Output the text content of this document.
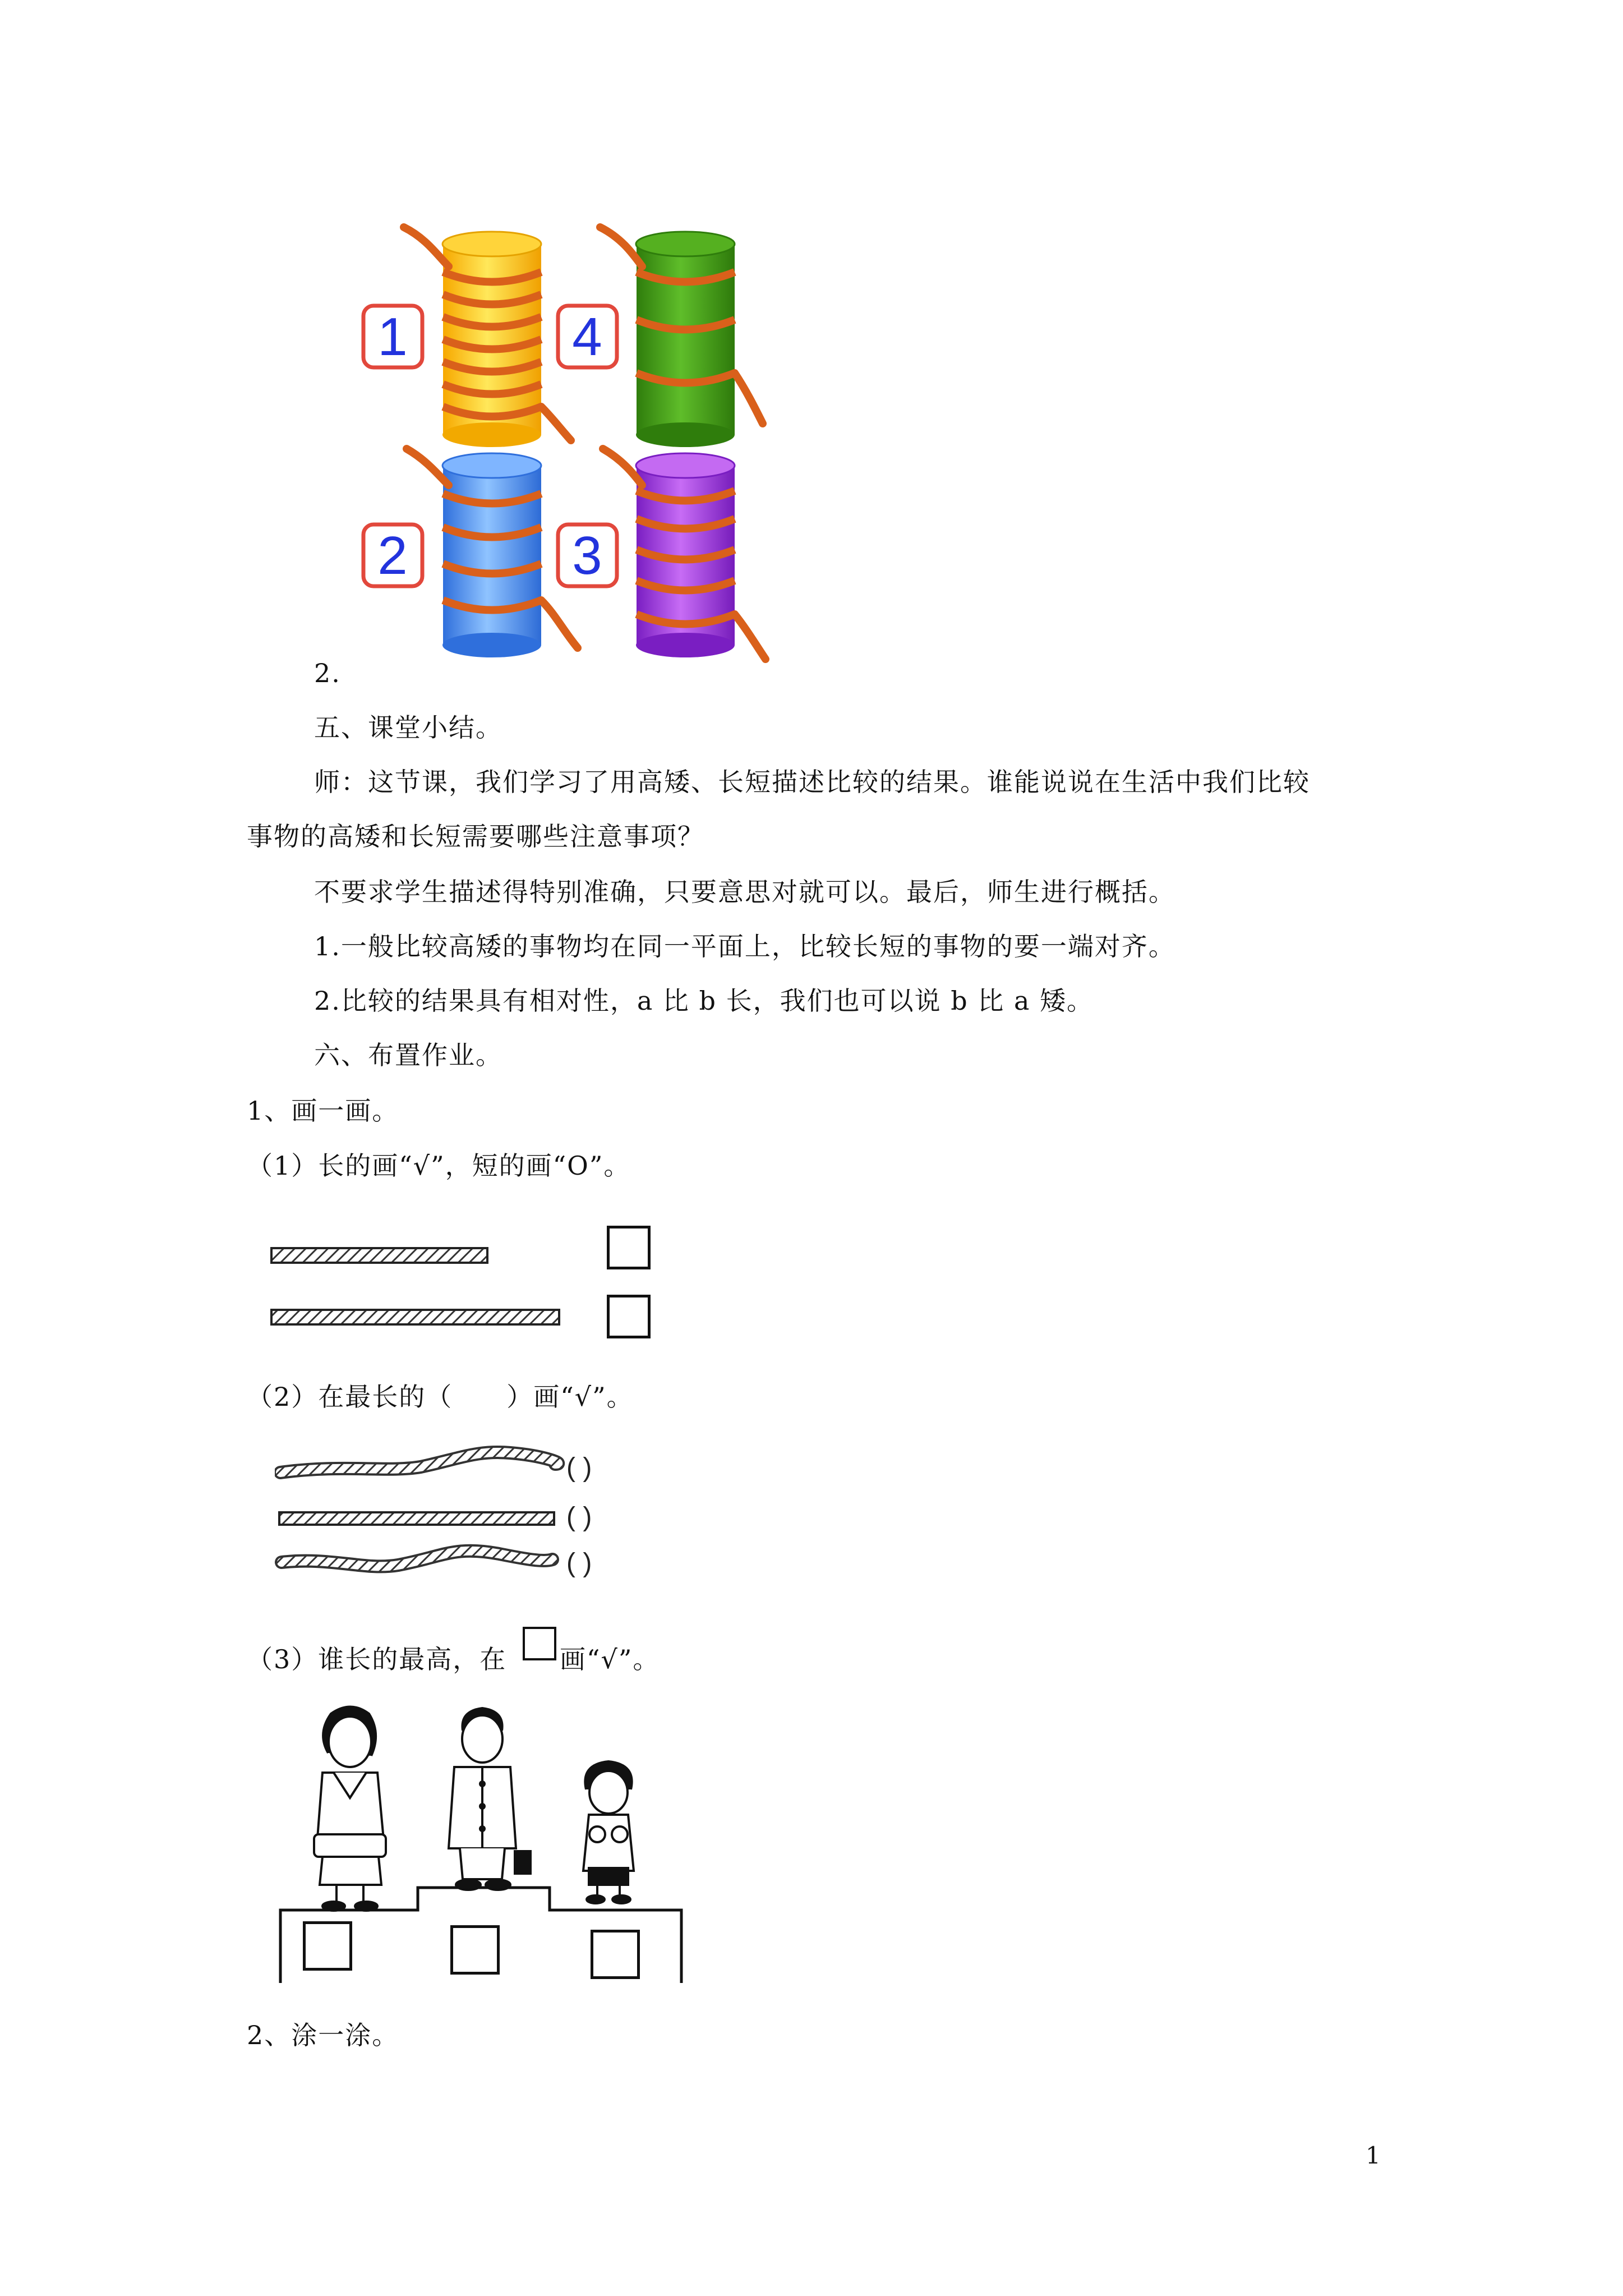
1	4
2	3
2.
五、课堂小结。
师：这节课，我们学习了用高矮、长短描述比较的结果。谁能说说在生活中我们比较
事物的高矮和长短需要哪些注意事项？
不要求学生描述得特别准确，只要意思对就可以。最后，师生进行概括。
1.一般比较高矮的事物均在同一平面上，比较长短的事物的要一端对齐。
2.比较的结果具有相对性，a 比 b 长，我们也可以说 b 比 a 矮。
六、布置作业。
1、画一画。
（1）长的画“√”，短的画“O”。
（2）在最长的（　　）画“√”。
( )
( )
( )
（3）谁长的最高，在 画“√”。
2、涂一涂。
1
